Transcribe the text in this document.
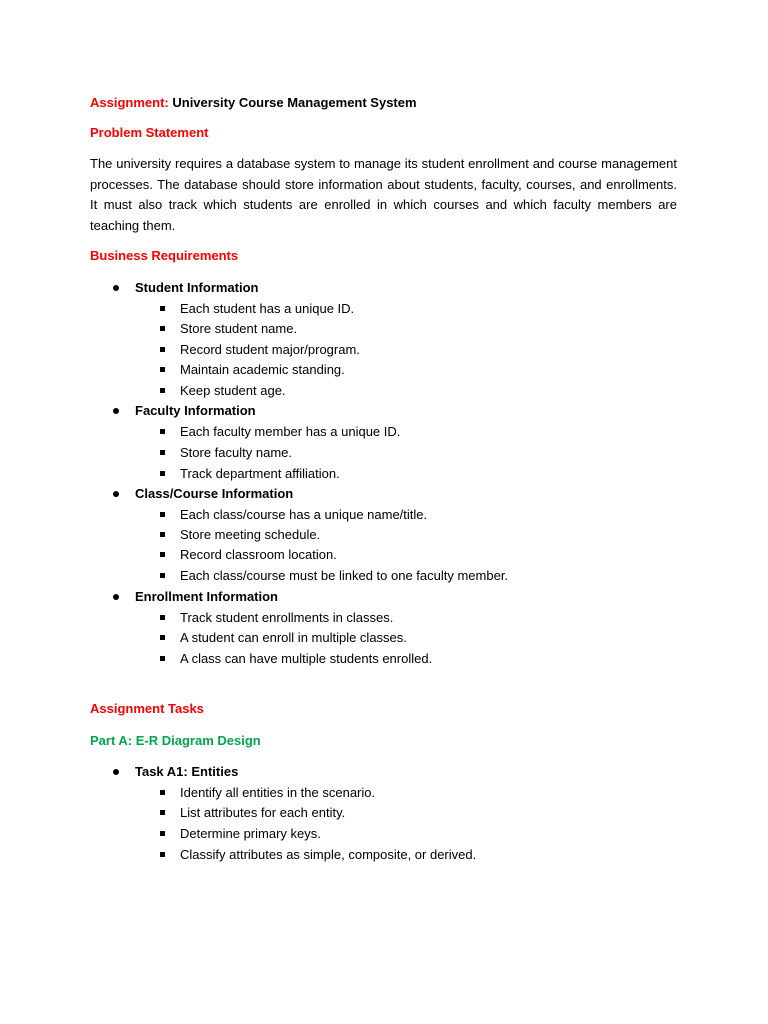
Assignment: University Course Management System
Problem Statement
The university requires a database system to manage its student enrollment and course management processes. The database should store information about students, faculty, courses, and enrollments. It must also track which students are enrolled in which courses and which faculty members are teaching them.
Business Requirements
Student Information
Each student has a unique ID.
Store student name.
Record student major/program.
Maintain academic standing.
Keep student age.
Faculty Information
Each faculty member has a unique ID.
Store faculty name.
Track department affiliation.
Class/Course Information
Each class/course has a unique name/title.
Store meeting schedule.
Record classroom location.
Each class/course must be linked to one faculty member.
Enrollment Information
Track student enrollments in classes.
A student can enroll in multiple classes.
A class can have multiple students enrolled.
Assignment Tasks
Part A: E-R Diagram Design
Task A1: Entities
Identify all entities in the scenario.
List attributes for each entity.
Determine primary keys.
Classify attributes as simple, composite, or derived.
